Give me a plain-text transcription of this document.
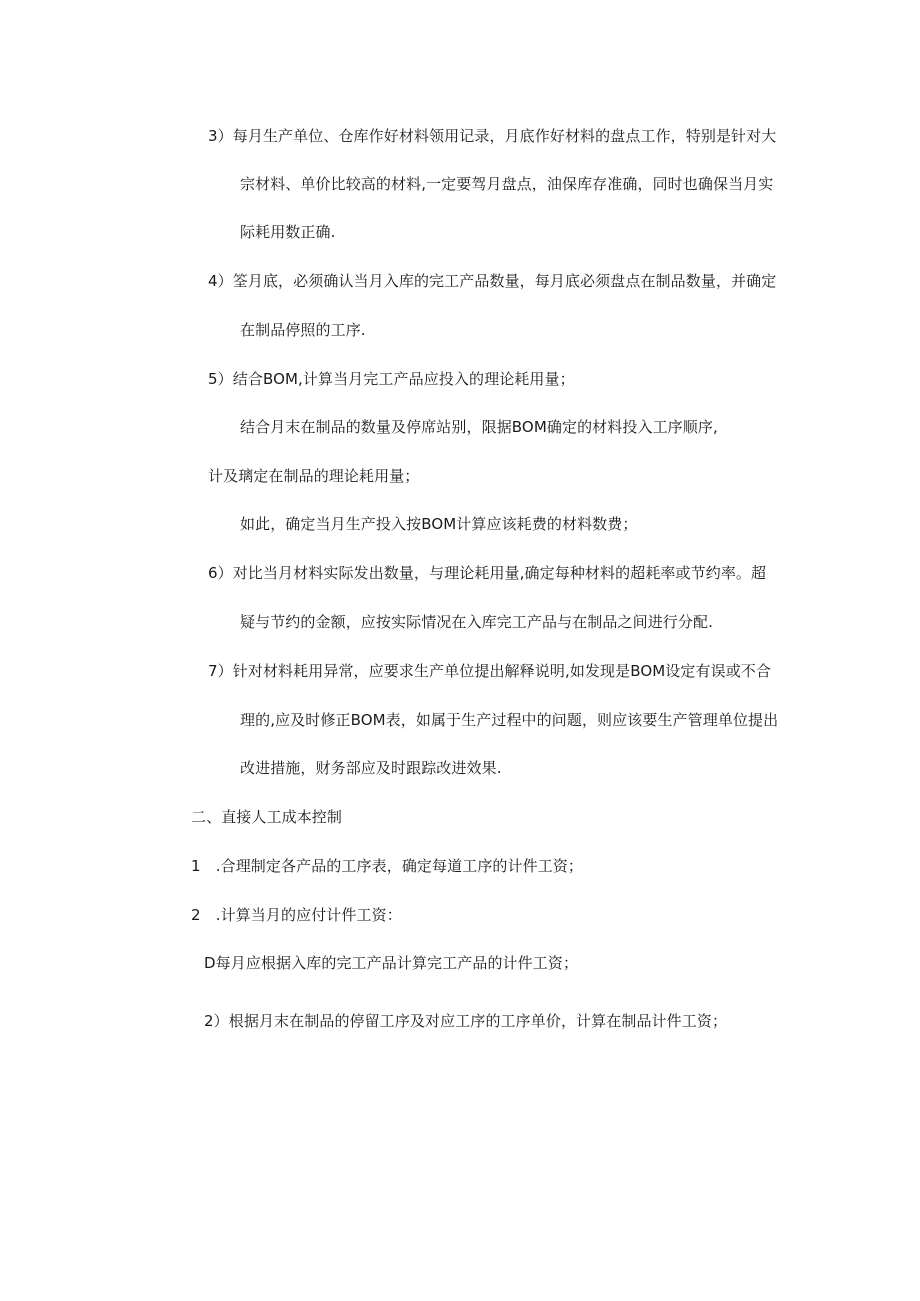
3）每月生产单位、仓库作好材料领用记录，月底作好材料的盘点工作，特别是针对大
宗材料、单价比较高的材料,一定要驾月盘点，油保库存准确，同时也确保当月实
际耗用数正确.
4）筌月底，必须确认当月入库的完工产品数量，每月底必须盘点在制品数量，并确定
在制品停照的工序.
5）结合BOM,计算当月完工产品应投入的理论耗用量；
结合月末在制品的数量及停席站别，限据BOM确定的材料投入工序顺序,
计及璃定在制品的理论耗用量；
如此，确定当月生产投入按BOM计算应该耗费的材料数费；
6）对比当月材料实际发出数量，与理论耗用量,确定每种材料的超耗率或节约率。超
疑与节约的金额，应按实际情况在入库完工产品与在制品之间进行分配.
7）针对材料耗用异常，应要求生产单位提出解释说明,如发现是BOM设定有误或不合
理的,应及时修正BOM表，如属于生产过程中的问题，则应该要生产管理单位提出
改进措施，财务部应及时跟踪改进效果.
二、直接人工成本控制
1　.合理制定各产品的工序表，确定每道工序的计件工资；
2　.计算当月的应付计件工资：
D每月应根据入库的完工产品计算完工产品的计件工资；
2）根据月末在制品的停留工序及对应工序的工序单价，计算在制品计件工资；
